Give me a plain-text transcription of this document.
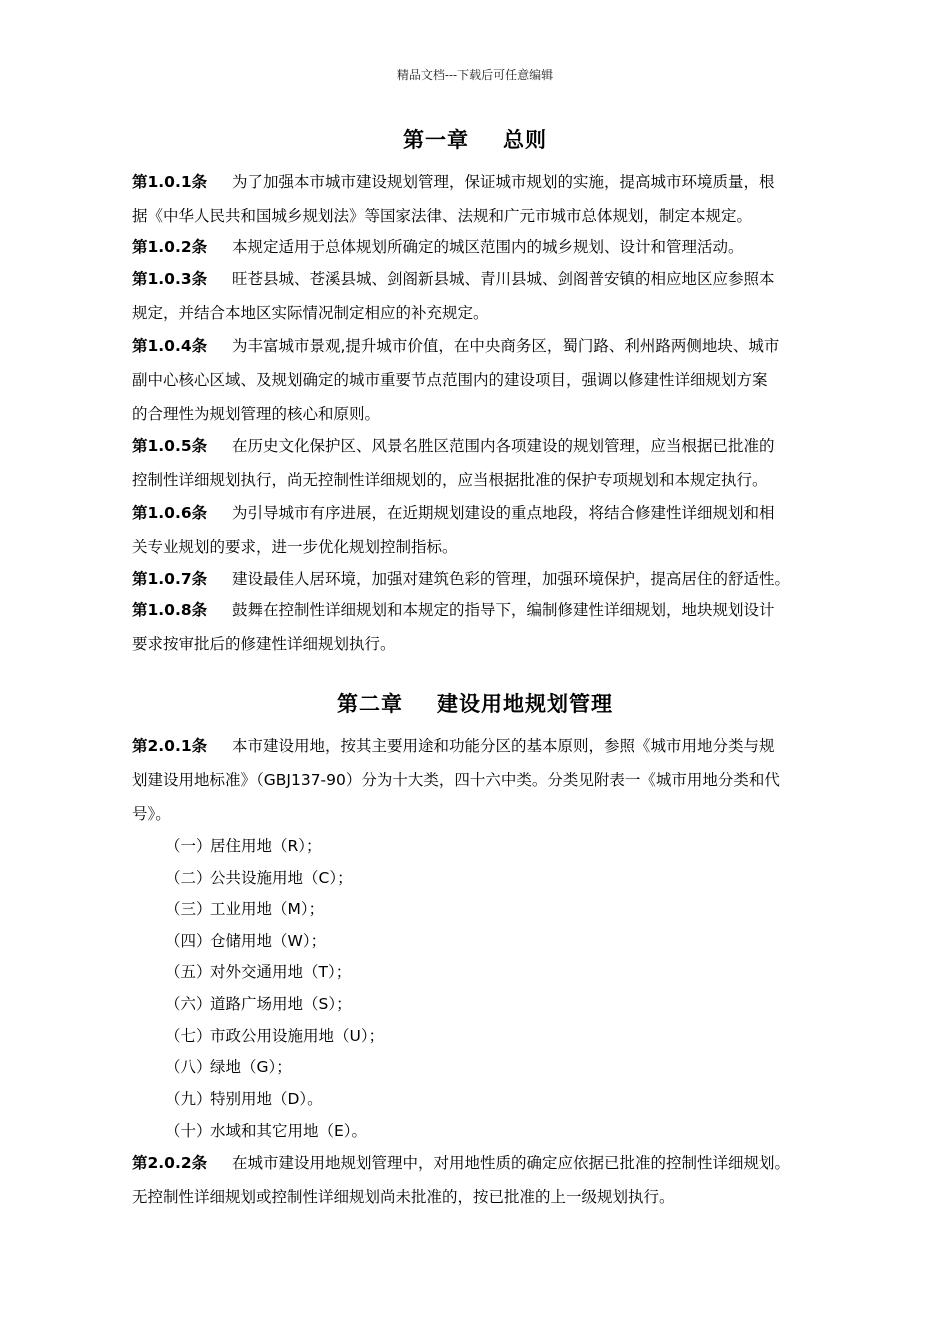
精品文档---下载后可任意编辑
第一章 总则
第1.0.1条 为了加强本市城市建设规划管理，保证城市规划的实施，提高城市环境质量，根
据《中华人民共和国城乡规划法》等国家法律、法规和广元市城市总体规划，制定本规定。
第1.0.2条 本规定适用于总体规划所确定的城区范围内的城乡规划、设计和管理活动。
第1.0.3条 旺苍县城、苍溪县城、剑阁新县城、青川县城、剑阁普安镇的相应地区应参照本
规定，并结合本地区实际情况制定相应的补充规定。
第1.0.4条 为丰富城市景观,提升城市价值，在中央商务区，蜀门路、利州路两侧地块、城市
副中心核心区域、及规划确定的城市重要节点范围内的建设项目，强调以修建性详细规划方案
的合理性为规划管理的核心和原则。
第1.0.5条 在历史文化保护区、风景名胜区范围内各项建设的规划管理，应当根据已批准的
控制性详细规划执行，尚无控制性详细规划的，应当根据批准的保护专项规划和本规定执行。
第1.0.6条 为引导城市有序进展，在近期规划建设的重点地段，将结合修建性详细规划和相
关专业规划的要求，进一步优化规划控制指标。
第1.0.7条 建设最佳人居环境，加强对建筑色彩的管理，加强环境保护，提高居住的舒适性。
第1.0.8条 鼓舞在控制性详细规划和本规定的指导下，编制修建性详细规划，地块规划设计
要求按审批后的修建性详细规划执行。
第二章 建设用地规划管理
第2.0.1条 本市建设用地，按其主要用途和功能分区的基本原则，参照《城市用地分类与规
划建设用地标准》（GBJ137-90）分为十大类，四十六中类。分类见附表一《城市用地分类和代
号》。
（一）居住用地（R）；
（二）公共设施用地（C）；
（三）工业用地（M）；
（四）仓储用地（W）；
（五）对外交通用地（T）；
（六）道路广场用地（S）；
（七）市政公用设施用地（U）；
（八）绿地（G）；
（九）特别用地（D）。
（十）水域和其它用地（E）。
第2.0.2条 在城市建设用地规划管理中，对用地性质的确定应依据已批准的控制性详细规划。
无控制性详细规划或控制性详细规划尚未批准的，按已批准的上一级规划执行。
